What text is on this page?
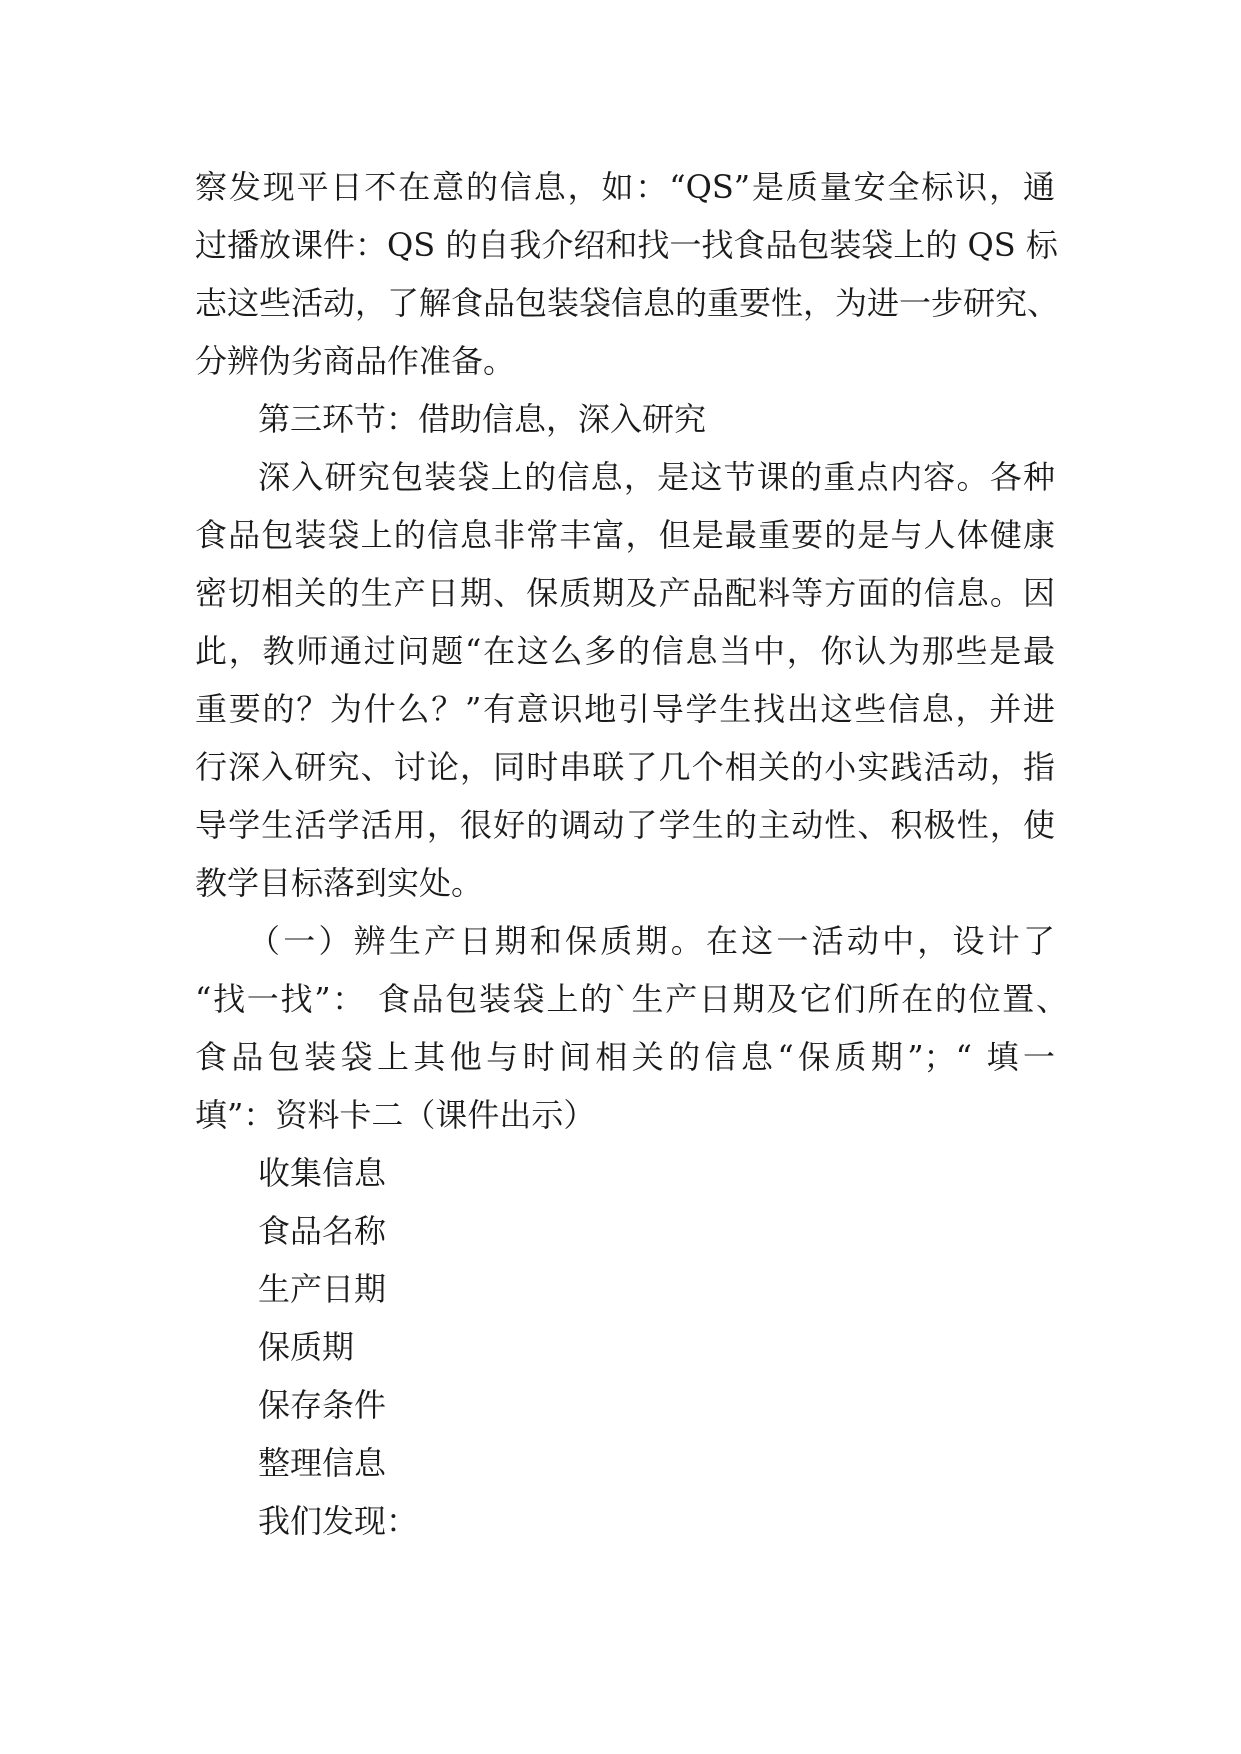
察发现平日不在意的信息，如：“QS”是质量安全标识，通
过播放课件：QS 的自我介绍和找一找食品包装袋上的 QS 标
志这些活动，了解食品包装袋信息的重要性，为进一步研究、
分辨伪劣商品作准备。
第三环节：借助信息，深入研究
深入研究包装袋上的信息，是这节课的重点内容。各种
食品包装袋上的信息非常丰富，但是最重要的是与人体健康
密切相关的生产日期、保质期及产品配料等方面的信息。因
此，教师通过问题“在这么多的信息当中，你认为那些是最
重要的？为什么？”有意识地引导学生找出这些信息，并进
行深入研究、讨论，同时串联了几个相关的小实践活动，指
导学生活学活用，很好的调动了学生的主动性、积极性，使
教学目标落到实处。
（一）辨生产日期和保质期。在这一活动中，设计了
“找一找”： 食品包装袋上的`生产日期及它们所在的位置、
食品包装袋上其他与时间相关的信息“保质期”；“ 填一
填”：资料卡二（课件出示）
收集信息
食品名称
生产日期
保质期
保存条件
整理信息
我们发现：
